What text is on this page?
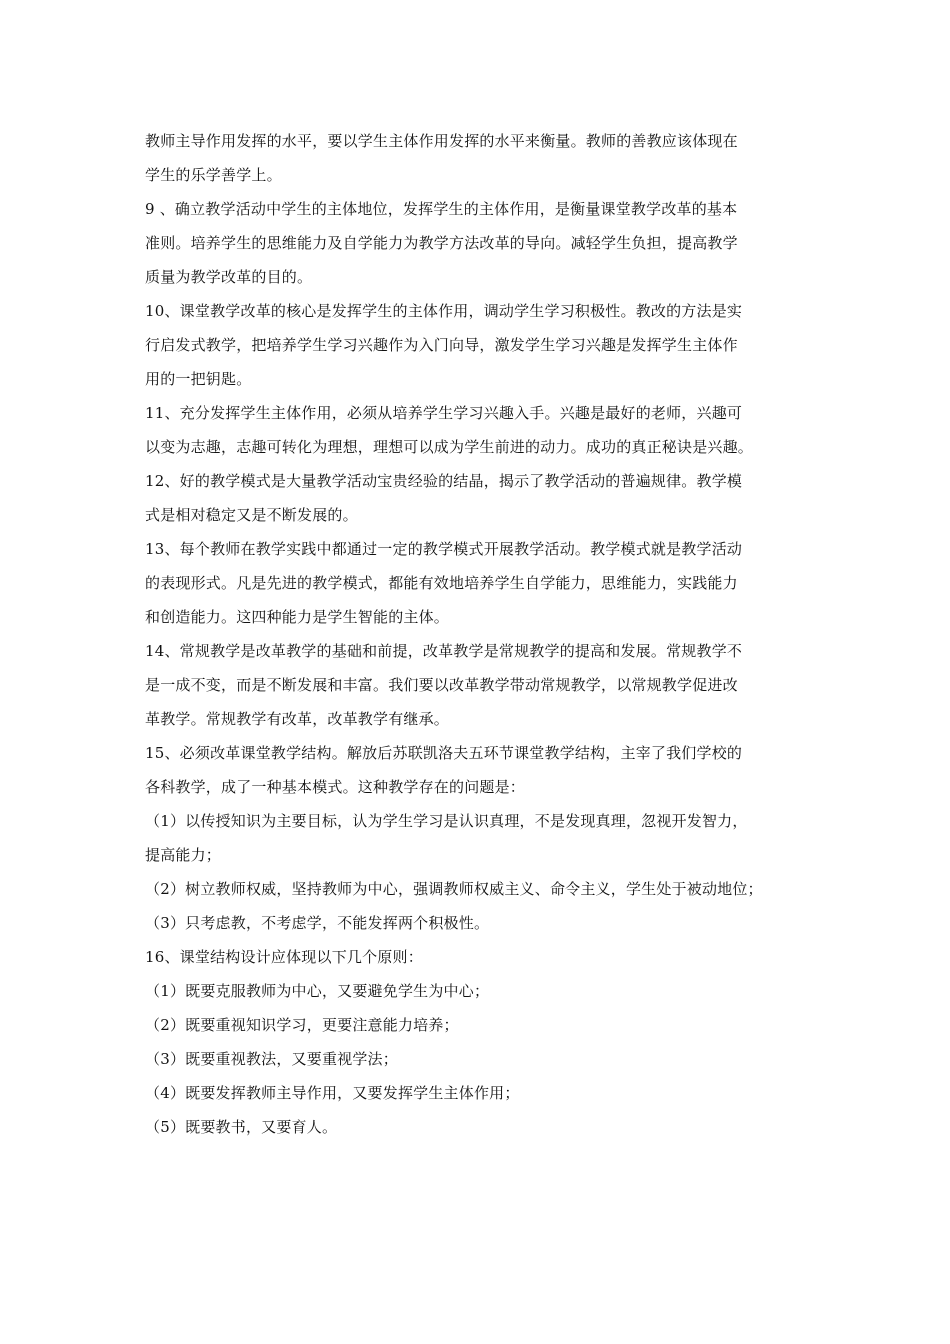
教师主导作用发挥的水平，要以学生主体作用发挥的水平来衡量。教师的善教应该体现在
学生的乐学善学上。
9 、确立教学活动中学生的主体地位，发挥学生的主体作用，是衡量课堂教学改革的基本
准则。培养学生的思维能力及自学能力为教学方法改革的导向。减轻学生负担，提高教学
质量为教学改革的目的。
10、课堂教学改革的核心是发挥学生的主体作用，调动学生学习积极性。教改的方法是实
行启发式教学，把培养学生学习兴趣作为入门向导，激发学生学习兴趣是发挥学生主体作
用的一把钥匙。
11、充分发挥学生主体作用，必须从培养学生学习兴趣入手。兴趣是最好的老师，兴趣可
以变为志趣，志趣可转化为理想，理想可以成为学生前进的动力。成功的真正秘诀是兴趣。
12、好的教学模式是大量教学活动宝贵经验的结晶，揭示了教学活动的普遍规律。教学模
式是相对稳定又是不断发展的。
13、每个教师在教学实践中都通过一定的教学模式开展教学活动。教学模式就是教学活动
的表现形式。凡是先进的教学模式，都能有效地培养学生自学能力，思维能力，实践能力
和创造能力。这四种能力是学生智能的主体。
14、常规教学是改革教学的基础和前提，改革教学是常规教学的提高和发展。常规教学不
是一成不变，而是不断发展和丰富。我们要以改革教学带动常规教学，以常规教学促进改
革教学。常规教学有改革，改革教学有继承。
15、必须改革课堂教学结构。解放后苏联凯洛夫五环节课堂教学结构，主宰了我们学校的
各科教学，成了一种基本模式。这种教学存在的问题是：
（1）以传授知识为主要目标，认为学生学习是认识真理，不是发现真理，忽视开发智力，
提高能力；
（2）树立教师权威，坚持教师为中心，强调教师权威主义、命令主义，学生处于被动地位；
（3）只考虑教，不考虑学，不能发挥两个积极性。
16、课堂结构设计应体现以下几个原则：
（1）既要克服教师为中心，又要避免学生为中心；
（2）既要重视知识学习，更要注意能力培养；
（3）既要重视教法，又要重视学法；
（4）既要发挥教师主导作用，又要发挥学生主体作用；
（5）既要教书，又要育人。
